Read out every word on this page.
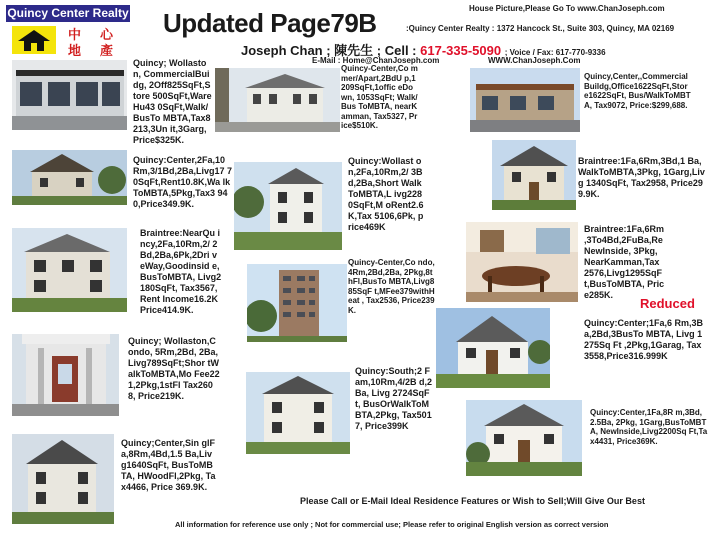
Quincy Center Realty
中 心
地 產
Updated Page79B	House Picture,Please Go To www.ChanJoseph.com
:Quincy Center Realty : 1372 Hancock St., Suite 303, Quincy, MA 02169
Joseph Chan ; 陳先生 ; Cell : 617-335-5090 ; Voice / Fax: 617-770-9336
E-Mail : Home@ChanJoseph.com	WWW.ChanJoseph.Com
Quincy; Wollaston, CommercialBuidg, 2Off825SqFt,Store 500SqFt,WareHu43 0SqFt,Walk/BusTo MBTA,Tax8213,3Un it,3Garg, Price$325K.
Quincy-Center,Co mmer/Apart,2BdU p,1209SqFt,1offic eDown, 1053SqFt; Walk/ Bus ToMBTA, nearKamman, Tax5327, Price$510K.
Quincy,Center,,Commercial Buildg,Office1622SqFt,Stor e1622SqFt, Bus/WalkToMBTA, Tax9072, Price:$299,688.
Quincy:Center,2Fa,10 Rm,3/1Bd,2Ba,Livg17 70SqFt,Rent10.8K,Wa lkToMBTA,5Pkg,Tax3 940,Price349.9K.
Quincy:Wollast on,2Fa,10Rm,2/ 3Bd,2Ba,Short WalkToMBTA,L ivg2280SqFt,M oRent2.6K,Tax 5106,6Pk, price469K
Braintree:1Fa,6Rm,3Bd,1 Ba,WalkToMBTA,3Pkg, 1Garg,Livg 1340SqFt, Tax2958, Price299.9K.
Braintree:NearQu incy,2Fa,10Rm,2/ 2Bd,2Ba,6Pk,2Dri veWay,Goodinsid e,BusToMBTA, Livg2180SqFt, Tax3567,Rent Income16.2K Price414.9K.
Quincy-Center,Co ndo,4Rm,2Bd,2Ba, 2Pkg,8thFl,BusTo MBTA,Livg885SqF t,MFee379withHeat , Tax2536, Price239K.
Braintree:1Fa,6Rm ,3To4Bd,2FuBa,Re NewInside, 3Pkg, NearKamman,Tax 2576,Livg1295SqF t,BusToMBTA, Price285K.
Quincy; Wollaston,Condo, 5Rm,2Bd, 2Ba, Livg789SqFt;Shor tWalkToMBTA,Mo Fee221,2Pkg,1stFl Tax2608, Price219K.
Quincy:Center;1Fa,6 Rm,3Ba,2Bd,3BusTo MBTA, Livg 1275Sq Ft ,2Pkg,1Garag, Tax 3558,Price316.999K
Quincy:South;2 Fam,10Rm,4/2B d,2Ba, Livg 2724SqFt, BusOrWalkToM BTA,2Pkg, Tax5017, Price399K
Quincy:Center,1Fa,8R m,3Bd,2.5Ba, 2Pkg, 1Garg,BusToMBTA, NewInside,Livg2200Sq Ft,Tax4431, Price369K.
Quincy;Center,Sin glFa,8Rm,4Bd,1.5 Ba,Livg1640SqFt, BusToMBTA, HWoodFl,2Pkg, Tax4466, Price 369.9K.
Reduced
Please Call or E-Mail Ideal Residence Features or Wish to Sell;Will Give Our Best
All information for reference use only ; Not for commercial use; Please refer to original English version as correct version
